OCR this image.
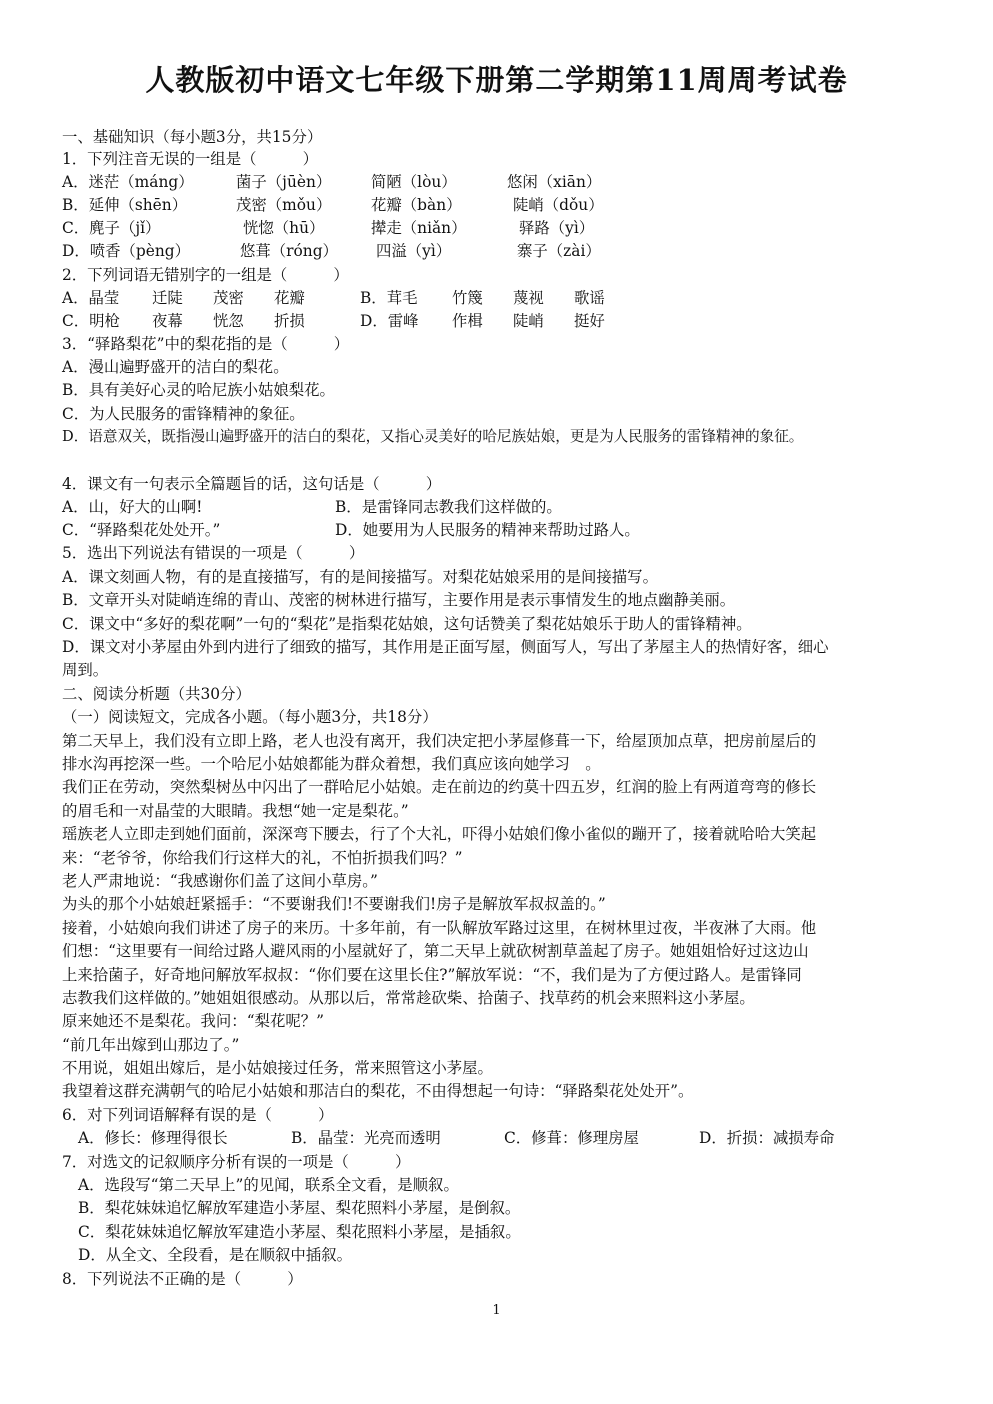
人教版初中语文七年级下册第二学期第11周周考试卷
一、基础知识（每小题3分，共15分）
1．下列注音无误的一组是（　　　）
A．迷茫（máng）	菌子（jūèn）	简陋（lòu）	悠闲（xiān）
B．延伸（shēn）	茂密（mǒu）	花瓣（bàn）	陡峭（dǒu）
C．麂子（jǐ）	恍惚（hū）	撵走（niǎn）	驿路（yì）
D．喷香（pèng）	悠葺（róng） 四溢（yì）	寨子（zài）
2．下列词语无错别字的一组是（　　　）
A．晶莹 迁陡 茂密 花瓣	B．茸毛 竹篾 蔑视 歌谣
C．明枪 夜幕 恍忽 折损	D．雷峰 作楫 陡峭 挺好
3．“驿路梨花”中的梨花指的是（　　　）
A．漫山遍野盛开的洁白的梨花。
B．具有美好心灵的哈尼族小姑娘梨花。
C．为人民服务的雷锋精神的象征。
D．语意双关，既指漫山遍野盛开的洁白的梨花，又指心灵美好的哈尼族姑娘，更是为人民服务的雷锋精神的象征。
4．课文有一句表示全篇题旨的话，这句话是（　　　）
A．山，好大的山啊!	B．是雷锋同志教我们这样做的。
C．“驿路梨花处处开。”	D．她要用为人民服务的精神来帮助过路人。
5．选出下列说法有错误的一项是（　　　）
A．课文刻画人物，有的是直接描写，有的是间接描写。对梨花姑娘采用的是间接描写。
B．文章开头对陡峭连绵的青山、茂密的树林进行描写，主要作用是表示事情发生的地点幽静美丽。
C．课文中“多好的梨花啊”一句的“梨花”是指梨花姑娘，这句话赞美了梨花姑娘乐于助人的雷锋精神。
D．课文对小茅屋由外到内进行了细致的描写，其作用是正面写屋，侧面写人，写出了茅屋主人的热情好客，细心
周到。
二、阅读分析题（共30分）
（一）阅读短文，完成各小题。（每小题3分，共18分）
第二天早上，我们没有立即上路，老人也没有离开，我们决定把小茅屋修葺一下，给屋顶加点草，把房前屋后的
排水沟再挖深一些。一个哈尼小姑娘都能为群众着想，我们真应该向她学习　。
我们正在劳动，突然梨树丛中闪出了一群哈尼小姑娘。走在前边的约莫十四五岁，红润的脸上有两道弯弯的修长
的眉毛和一对晶莹的大眼睛。我想“她一定是梨花。”
瑶族老人立即走到她们面前，深深弯下腰去，行了个大礼，吓得小姑娘们像小雀似的蹦开了，接着就哈哈大笑起
来：“老爷爷，你给我们行这样大的礼，不怕折损我们吗？”
老人严肃地说：“我感谢你们盖了这间小草房。”
为头的那个小姑娘赶紧摇手：“不要谢我们!不要谢我们!房子是解放军叔叔盖的。”
接着，小姑娘向我们讲述了房子的来历。十多年前，有一队解放军路过这里，在树林里过夜，半夜淋了大雨。他
们想：“这里要有一间给过路人避风雨的小屋就好了，第二天早上就砍树割草盖起了房子。她姐姐恰好过这边山
上来拾菌子，好奇地问解放军叔叔：“你们要在这里长住?”解放军说：“不，我们是为了方便过路人。是雷锋同
志教我们这样做的。”她姐姐很感动。从那以后，常常趁砍柴、拾菌子、找草药的机会来照料这小茅屋。
原来她还不是梨花。我问：“梨花呢？”
“前几年出嫁到山那边了。”
不用说，姐姐出嫁后，是小姑娘接过任务，常来照管这小茅屋。
我望着这群充满朝气的哈尼小姑娘和那洁白的梨花，不由得想起一句诗：“驿路梨花处处开”。
6．对下列词语解释有误的是（　　　）
A．修长：修理得很长	B．晶莹：光亮而透明	C．修葺：修理房屋	D．折损：减损寿命
7．对选文的记叙顺序分析有误的一项是（　　　）
A．选段写“第二天早上”的见闻，联系全文看，是顺叙。
B．梨花妹妹追忆解放军建造小茅屋、梨花照料小茅屋，是倒叙。
C．梨花妹妹追忆解放军建造小茅屋、梨花照料小茅屋，是插叙。
D．从全文、全段看，是在顺叙中插叙。
8．下列说法不正确的是（　　　）
1
